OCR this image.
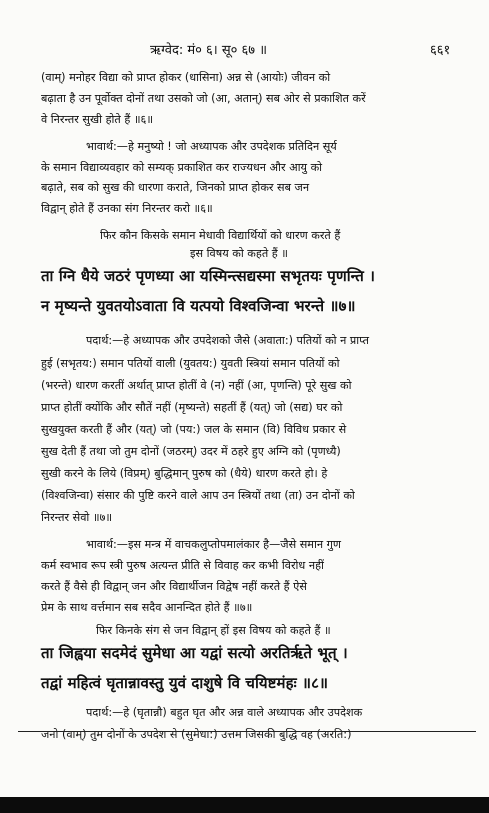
ऋग्वेद: मं० ६। सू० ६७ ॥	६६१
(वाम्) मनोहर विद्या को प्राप्त होकर (धासिना) अन्न से (आयोः) जीवन को
बढ़ाता है उन पूर्वोक्त दोनों तथा उसको जो (आ, अतान्) सब ओर से प्रकाशित करें
वे निरन्तर सुखी होते हैं ॥६॥
भावार्थ:—हे मनुष्यो ! जो अध्यापक और उपदेशक प्रतिदिन सूर्य
के समान विद्याव्यवहार को सम्यक् प्रकाशित कर राज्यधन और आयु को
बढ़ाते, सब को सुख की धारणा कराते, जिनको प्राप्त होकर सब जन
विद्वान् होते हैं उनका संग निरन्तर करो ॥६॥
फिर कौन किसके समान मेधावी विद्यार्थियों को धारण करते हैं
इस विषय को कहते हैं ॥
ता ग्नि धैये जठरं पृणध्या आ यस्मिन्त्सद्यस्मा सभृतयः पृणन्ति ।
न मृष्यन्ते युवतयोऽवाता वि यत्पयो विश्वजिन्वा भरन्ते ॥७॥
पदार्थ:—हे अध्यापक और उपदेशको जैसे (अवाता:) पतियों को न प्राप्त
हुई (सभृतय:) समान पतियों वाली (युवतय:) युवती स्त्रियां समान पतियों को
(भरन्ते) धारण करतीं अर्थात् प्राप्त होतीं वे (न) नहीं (आ, पृणन्ति) पूरे सुख को
प्राप्त होतीं क्योंकि और सौतें नहीं (मृष्यन्ते) सहतीं हैं (यत्) जो (सद्य) घर को
सुखयुक्त करती हैं और (यत्) जो (पय:) जल के समान (वि) विविध प्रकार से
सुख देती हैं तथा जो तुम दोनों (जठरम्) उदर में ठहरे हुए अग्नि को (पृणध्यै)
सुखी करने के लिये (विप्रम्) बुद्धिमान् पुरुष को (धैये) धारण करते हो। हे
(विश्वजिन्वा) संसार की पुष्टि करने वाले आप उन स्त्रियों तथा (ता) उन दोनों को
निरन्तर सेवो ॥७॥
भावार्थ:—इस मन्त्र में वाचकलुप्तोपमालंकार है—जैसे समान गुण
कर्म स्वभाव रूप स्त्री पुरुष अत्यन्त प्रीति से विवाह कर कभी विरोध नहीं
करते हैं वैसे ही विद्वान् जन और विद्यार्थीजन विद्वेष नहीं करते हैं ऐसे
प्रेम के साथ वर्त्तमान सब सदैव आनन्दित होते हैं ॥७॥
फिर किनके संग से जन विद्वान् हों इस विषय को कहते हैं ॥
ता जिह्वया सदमेदं सुमेधा आ यद्वां सत्यो अरतिर्ऋते भूत् ।
तद्वां महित्वं घृतान्नावस्तु युवं दाशुषे वि चयिष्टमंहः ॥८॥
पदार्थ:—हे (घृतान्नौ) बहुत घृत और अन्न वाले अध्यापक और उपदेशक
जनो (वाम्) तुम दोनों के उपदेश से (सुमेधा:) उत्तम जिसकी बुद्धि वह (अरति:)
